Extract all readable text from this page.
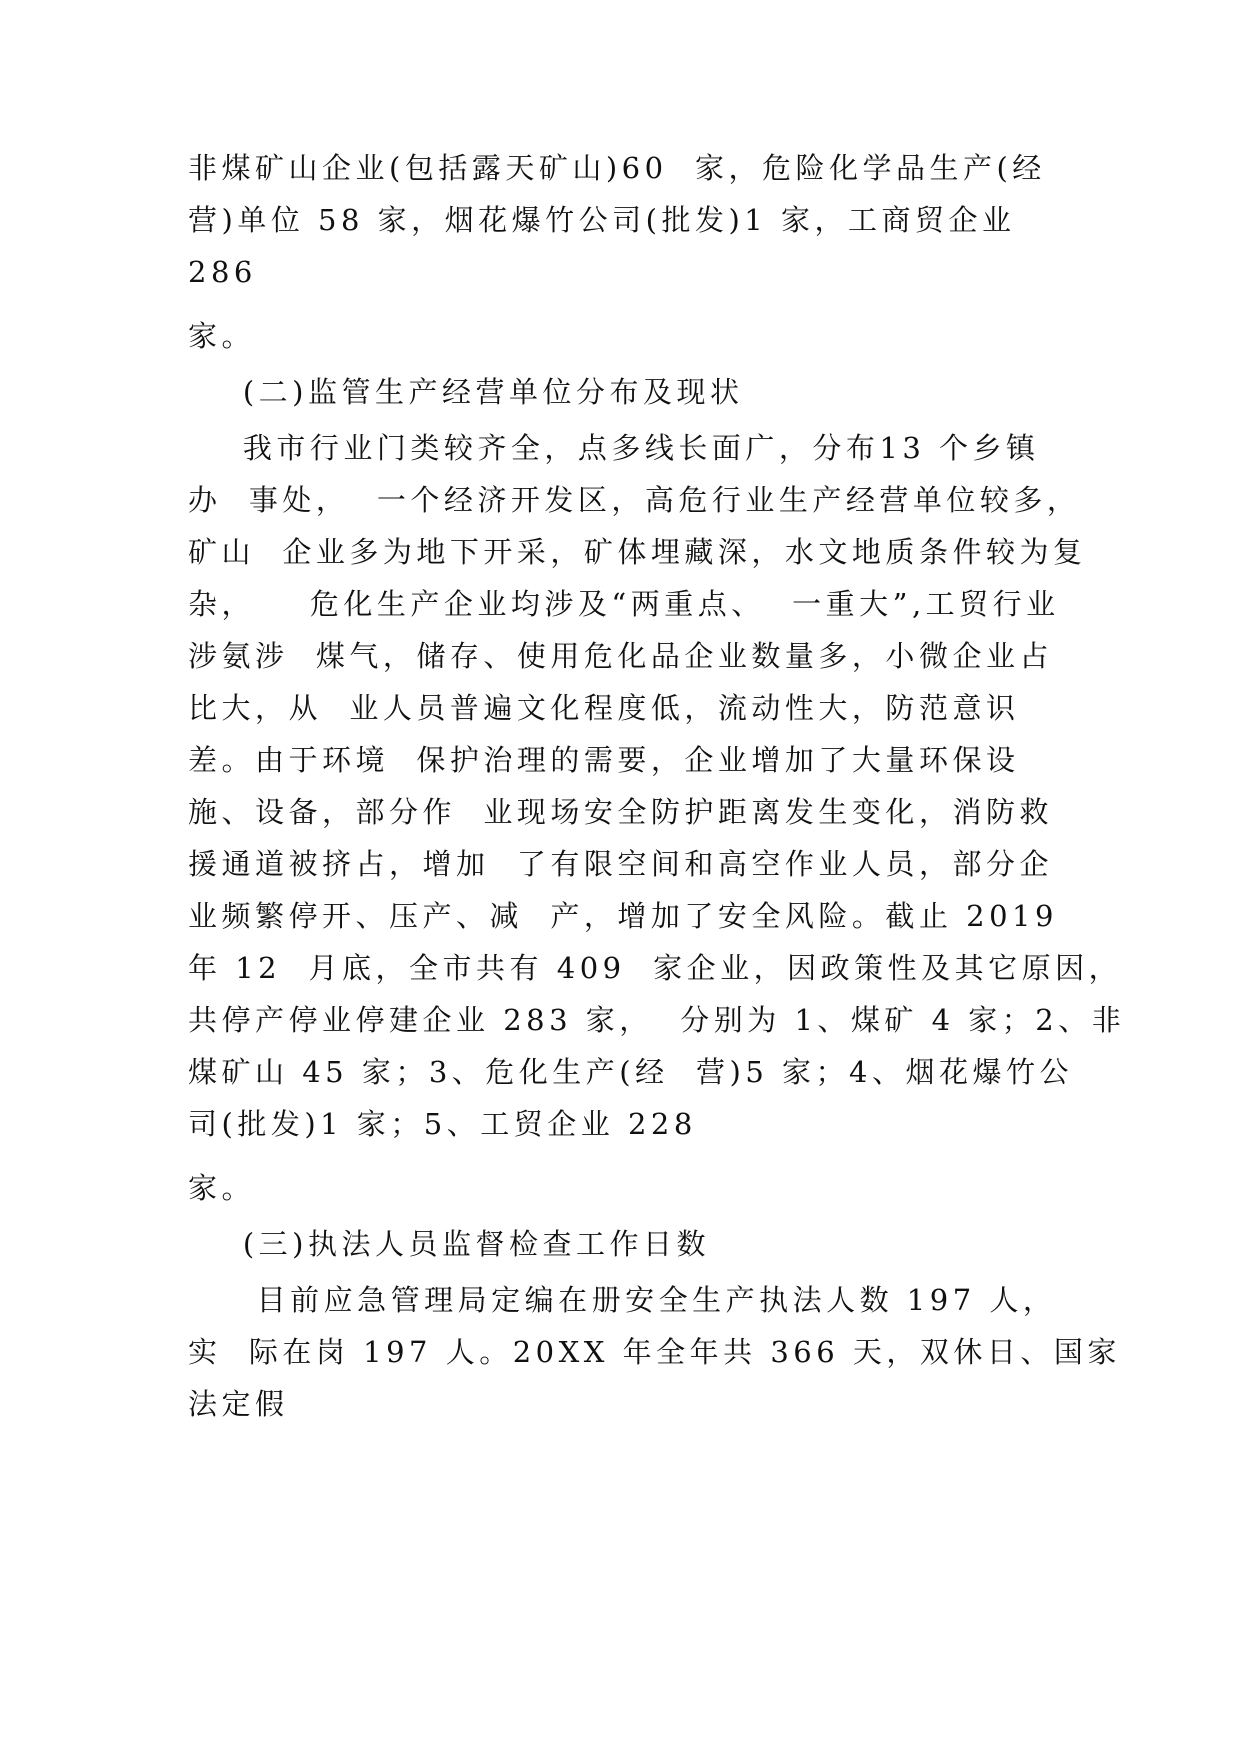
非煤矿山企业(包括露天矿山)60  家，危险化学品生产(经

营)单位 58 家，烟花爆竹公司(批发)1 家，工商贸企业

286

家。

(二)监管生产经营单位分布及现状

我市行业门类较齐全，点多线长面广，分布13 个乡镇

办  事处，  一个经济开发区，高危行业生产经营单位较多，

矿山  企业多为地下开采，矿体埋藏深，水文地质条件较为复

杂，    危化生产企业均涉及“两重点、  一重大”,工贸行业

涉氨涉  煤气，储存、使用危化品企业数量多，小微企业占

比大，从  业人员普遍文化程度低，流动性大，防范意识

差。由于环境  保护治理的需要，企业增加了大量环保设

施、设备，部分作  业现场安全防护距离发生变化，消防救

援通道被挤占，增加  了有限空间和高空作业人员，部分企

业频繁停开、压产、减  产，增加了安全风险。截止 2019

年 12  月底，全市共有 409  家企业，因政策性及其它原因，

共停产停业停建企业 283 家，  分别为 1、煤矿 4 家；2、非

煤矿山 45 家；3、危化生产(经  营)5 家；4、烟花爆竹公

司(批发)1 家；5、工贸企业 228

家。

(三)执法人员监督检查工作日数

目前应急管理局定编在册安全生产执法人数 197 人，

实  际在岗 197 人。20XX 年全年共 366 天，双休日、国家

法定假
